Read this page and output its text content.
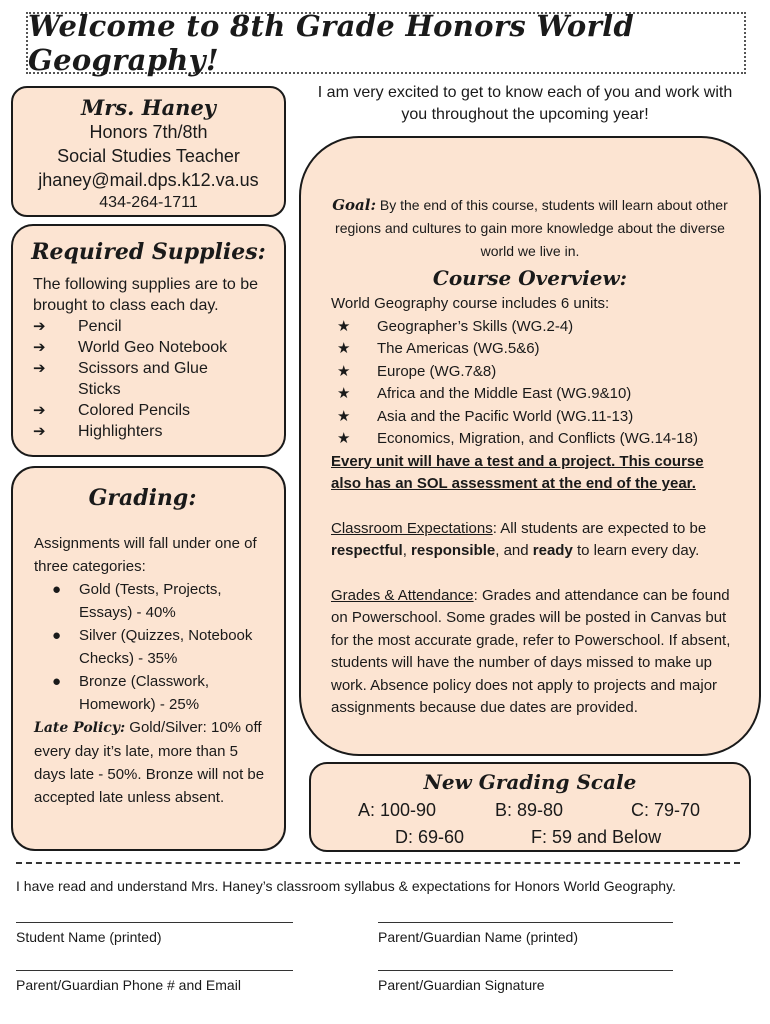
Welcome to 8th Grade Honors World Geography!
Mrs. Haney
Honors 7th/8th
Social Studies Teacher
jhaney@mail.dps.k12.va.us
434-264-1711
I am very excited to get to know each of you and work with you throughout the upcoming year!
Required Supplies:
The following supplies are to be brought to class each day.
➔	Pencil
➔	World Geo Notebook
➔	Scissors and Glue Sticks
➔	Colored Pencils
➔	Highlighters
Grading:
Assignments will fall under one of three categories:
●	Gold (Tests, Projects, Essays) - 40%
●	Silver (Quizzes, Notebook Checks) - 35%
●	Bronze (Classwork, Homework) - 25%
Late Policy: Gold/Silver: 10% off every day it’s late, more than 5 days late - 50%. Bronze will not be accepted late unless absent.
Goal: By the end of this course, students will learn about other regions and cultures to gain more knowledge about the diverse world we live in.
Course Overview:
World Geography course includes 6 units:
★	Geographer’s Skills (WG.2-4)
★	The Americas (WG.5&6)
★	Europe (WG.7&8)
★	Africa and the Middle East (WG.9&10)
★	Asia and the Pacific World (WG.11-13)
★	Economics, Migration, and Conflicts (WG.14-18)
Every unit will have a test and a project. This course also has an SOL assessment at the end of the year.
Classroom Expectations: All students are expected to be respectful, responsible, and ready to learn every day.
Grades & Attendance: Grades and attendance can be found on Powerschool. Some grades will be posted in Canvas but for the most accurate grade, refer to Powerschool. If absent, students will have the number of days missed to make up work. Absence policy does not apply to projects and major assignments because due dates are provided.
New Grading Scale
A: 100-90	B: 89-80	C: 79-70
D: 69-60	F: 59 and Below
I have read and understand Mrs. Haney’s classroom syllabus & expectations for Honors World Geography.
Student Name (printed)	Parent/Guardian Name (printed)
Parent/Guardian Phone # and Email	Parent/Guardian Signature
